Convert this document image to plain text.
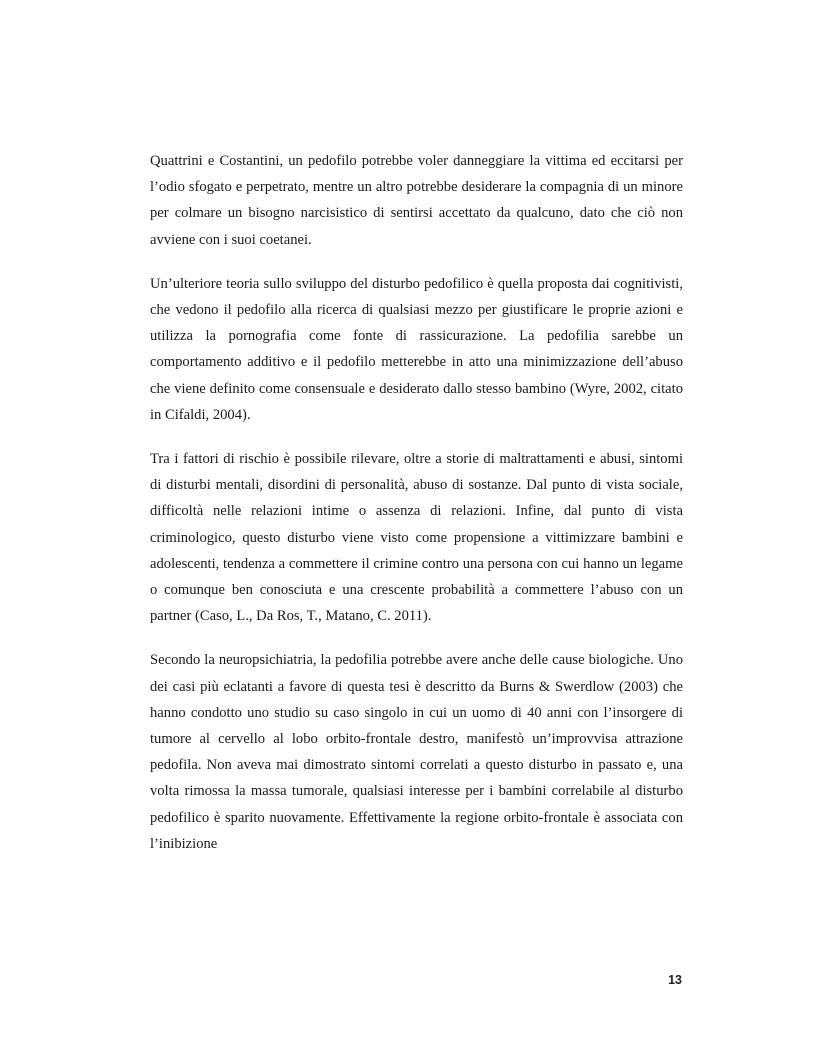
Quattrini e Costantini, un pedofilo potrebbe voler danneggiare la vittima ed eccitarsi per l’odio sfogato e perpetrato, mentre un altro potrebbe desiderare la compagnia di un minore per colmare un bisogno narcisistico di sentirsi accettato da qualcuno, dato che ciò non avviene con i suoi coetanei.

Un’ulteriore teoria sullo sviluppo del disturbo pedofilico è quella proposta dai cognitivisti, che vedono il pedofilo alla ricerca di qualsiasi mezzo per giustificare le proprie azioni e utilizza la pornografia come fonte di rassicurazione. La pedofilia sarebbe un comportamento additivo e il pedofilo metterebbe in atto una minimizzazione dell’abuso che viene definito come consensuale e desiderato dallo stesso bambino (Wyre, 2002, citato in Cifaldi, 2004).

Tra i fattori di rischio è possibile rilevare, oltre a storie di maltrattamenti e abusi, sintomi di disturbi mentali, disordini di personalità, abuso di sostanze. Dal punto di vista sociale, difficoltà nelle relazioni intime o assenza di relazioni. Infine, dal punto di vista criminologico, questo disturbo viene visto come propensione a vittimizzare bambini e adolescenti, tendenza a commettere il crimine contro una persona con cui hanno un legame o comunque ben conosciuta e una crescente probabilità a commettere l’abuso con un partner (Caso, L., Da Ros, T., Matano, C. 2011).

Secondo la neuropsichiatria, la pedofilia potrebbe avere anche delle cause biologiche. Uno dei casi più eclatanti a favore di questa tesi è descritto da Burns & Swerdlow (2003) che hanno condotto uno studio su caso singolo in cui un uomo di 40 anni con l’insorgere di tumore al cervello al lobo orbito-frontale destro, manifestò un’improvvisa attrazione pedofila. Non aveva mai dimostrato sintomi correlati a questo disturbo in passato e, una volta rimossa la massa tumorale, qualsiasi interesse per i bambini correlabile al disturbo pedofilico è sparito nuovamente. Effettivamente la regione orbito-frontale è associata con l’inibizione

13
